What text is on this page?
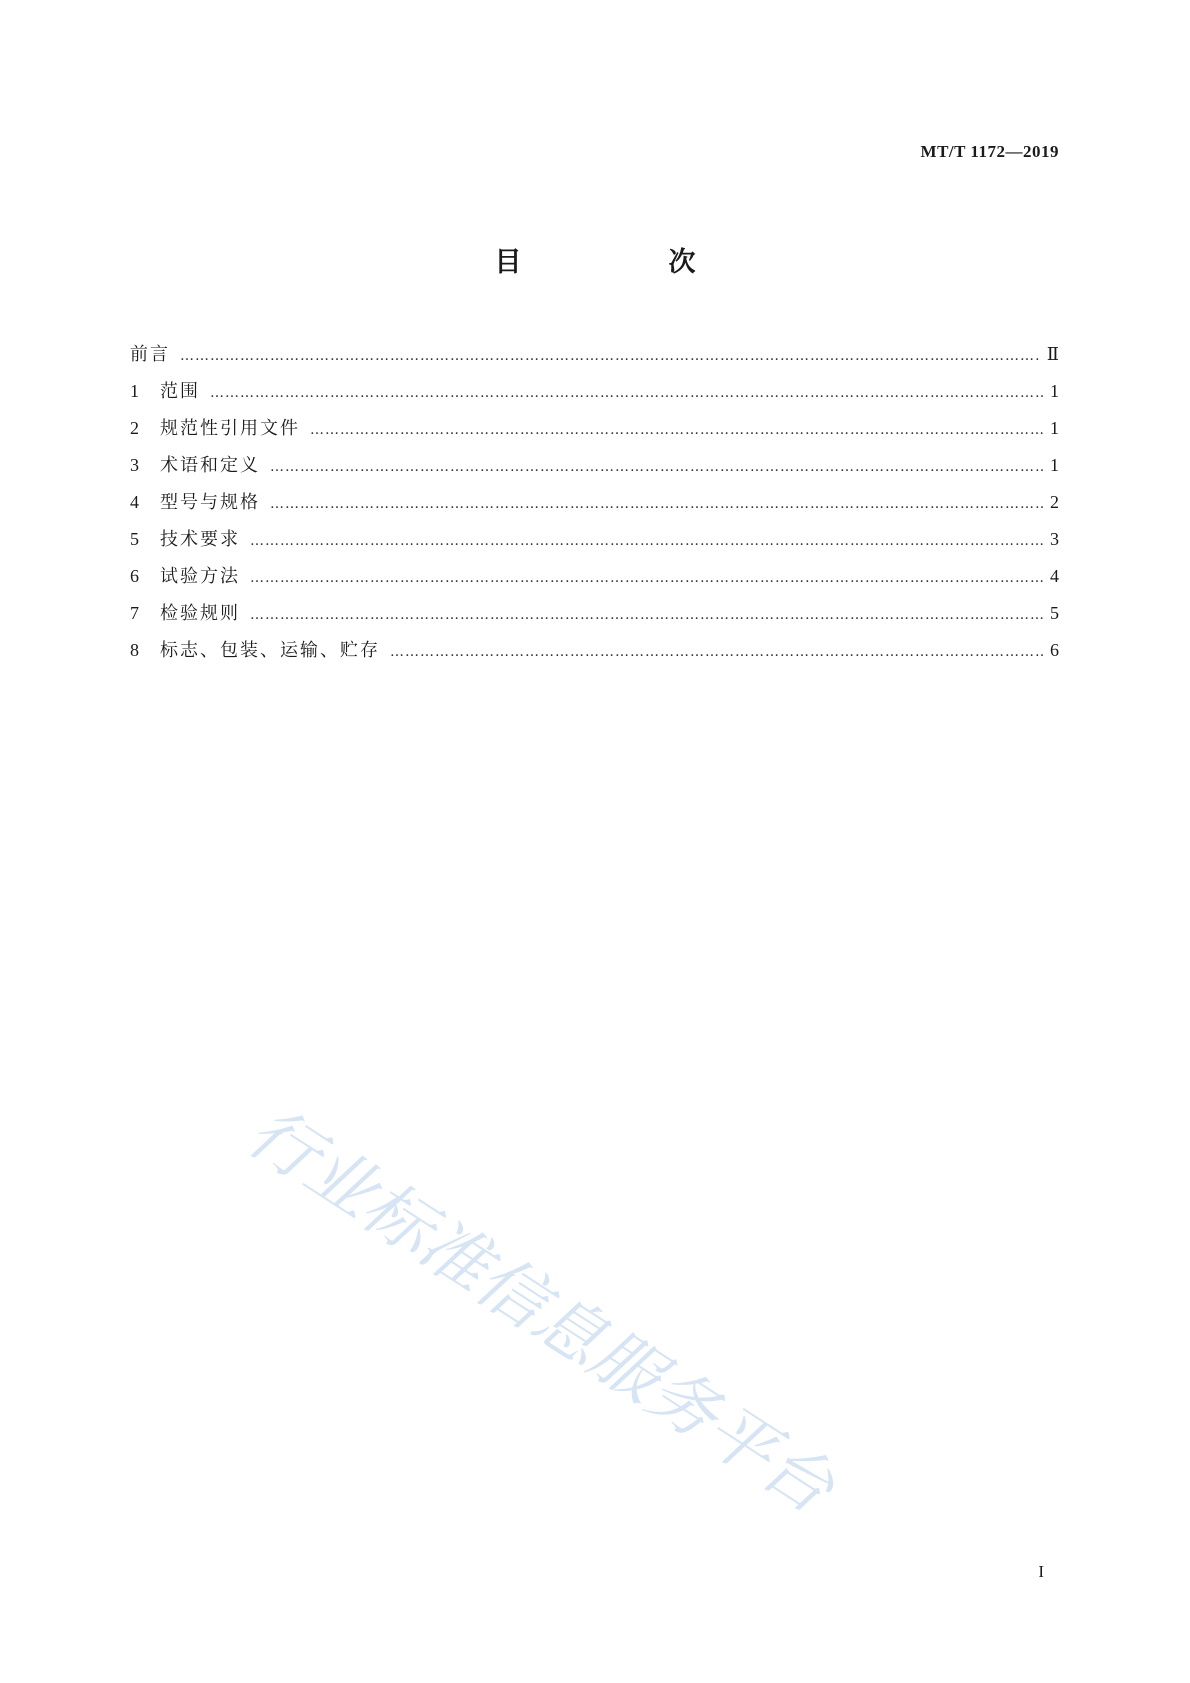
MT/T 1172—2019
目　次
前言 …………………………………………………………………………………………………………………………………………………………………………………………………………	Ⅱ
1	范围 …………………………………………………………………………………………………………………………………………………………………………………………………………	1
2	规范性引用文件 …………………………………………………………………………………………………………………………………………………………………………………………………………	1
3	术语和定义 …………………………………………………………………………………………………………………………………………………………………………………………………………	1
4	型号与规格 …………………………………………………………………………………………………………………………………………………………………………………………………………	2
5	技术要求 …………………………………………………………………………………………………………………………………………………………………………………………………………	3
6	试验方法 …………………………………………………………………………………………………………………………………………………………………………………………………………	4
7	检验规则 …………………………………………………………………………………………………………………………………………………………………………………………………………	5
8	标志、包装、运输、贮存 …………………………………………………………………………………………………………………………………………………………………………………………………………	6
行业标准信息服务平台
I
